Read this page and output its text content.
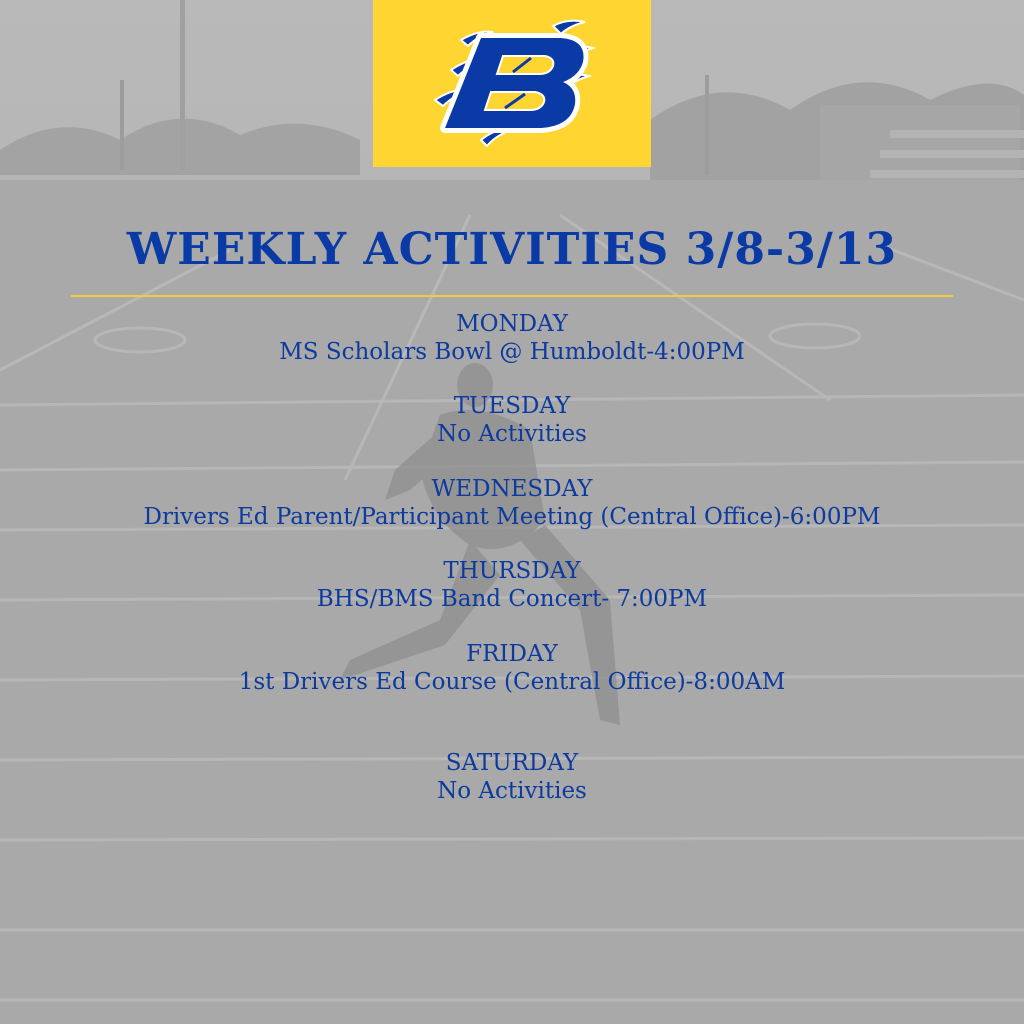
WEEKLY ACTIVITIES 3/8-3/13
MONDAY
MS Scholars Bowl @ Humboldt-4:00PM
TUESDAY
No Activities
WEDNESDAY
Drivers Ed Parent/Participant Meeting (Central Office)-6:00PM
THURSDAY
BHS/BMS Band Concert- 7:00PM
FRIDAY
1st Drivers Ed Course (Central Office)-8:00AM
SATURDAY
No Activities
